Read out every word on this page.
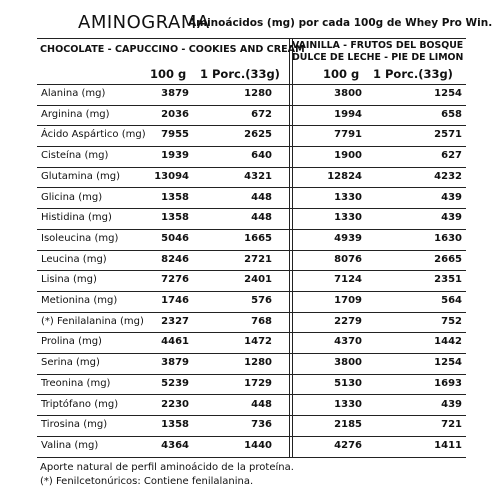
AMINOGRAMA
Aminoácidos (mg) por cada 100g de Whey Pro Win.
CHOCOLATE - CAPUCCINO - COOKIES AND CREAM
VAINILLA - FRUTOS DEL BOSQUE
DULCE DE LECHE - PIE DE LIMON
100 g 1 Porc.(33g)	100 g 1 Porc.(33g)
Alanina (mg)	3879	1280	3800	1254
Arginina (mg)	2036	672	1994	658
Ácido Aspártico (mg)	7955	2625	7791	2571
Cisteína (mg)	1939	640	1900	627
Glutamina (mg)	13094	4321	12824	4232
Glicina (mg)	1358	448	1330	439
Histidina (mg)	1358	448	1330	439
Isoleucina (mg)	5046	1665	4939	1630
Leucina (mg)	8246	2721	8076	2665
Lisina (mg)	7276	2401	7124	2351
Metionina (mg)	1746	576	1709	564
(*) Fenilalanina (mg)	2327	768	2279	752
Prolina (mg)	4461	1472	4370	1442
Serina (mg)	3879	1280	3800	1254
Treonina (mg)	5239	1729	5130	1693
Triptófano (mg)	2230	448	1330	439
Tirosina (mg)	1358	736	2185	721
Valina (mg)	4364	1440	4276	1411
Aporte natural de perfil aminoácido de la proteína.
(*) Fenilcetonúricos: Contiene fenilalanina.
